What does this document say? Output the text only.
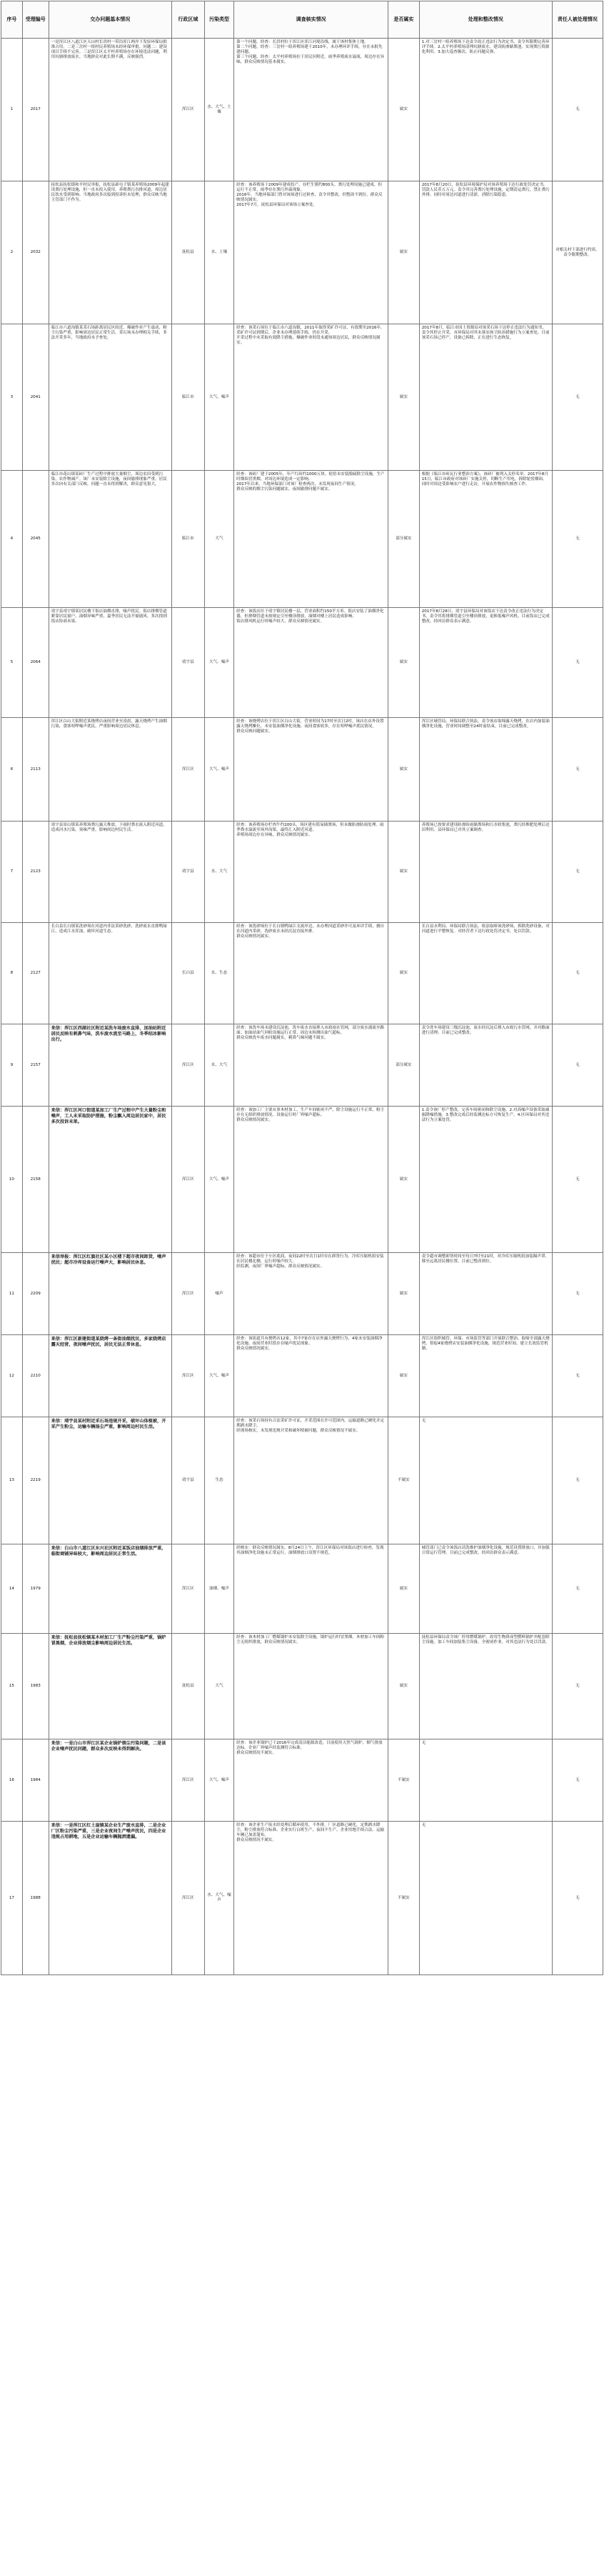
序号	受理编号	交办问题基本情况	行政区域	污染类型	调查核实情况	是否属实	处理和整改情况	责任人被处理情况
1	2017	一是浑江区八道江区天山村长洪村一带沿浑江两岸下发原环保局批准占用。二是三岔村一组村民养殖场未经环保审批。问题二：建设项目手续不完善。三是浑江区太平村养殖场存在环境违法问题，利用坑塘排放废水。当地群众对此长期不满，反映强烈。	浑江区	水、大气、土壤	第一个问题，经查：长洪村位于浑江区浑江河堤沿线，属于该村集体土地。
第二个问题，经查：三岔村一组养殖场建于2010年，未办理环评手续，存在未批先建问题。
第三个问题，经查：太平村养殖场位于居民区附近，雨季养殖废水溢流，周边存在异味，群众反映情况基本属实。	属实	1.对三岔村一组养殖场下达责令改正违法行为决定书，责令其限期完善环评手续。2.太平村养殖场清理坑塘废水，建设防渗储粪池，实现粪污资源化利用。3.加大巡查频次，防止问题反弹。	无
2	2032	抚松县抚松镇和平村民举报，抚松县新屯子镇某养殖场2009年起建设粪污处理设施，但一直未投入使用，养殖粪污直排河道，周边居民饮水受到影响。当地政府多次接到投诉但未处理，群众反映当地主管部门不作为。	抚松县	水、土壤	经查：该养殖场于2009年建成投产，存栏生猪约800头。粪污处理设施已建成，但运行不正常，雨季存在粪污外溢现象。
2016年，当地环保部门曾对该场进行过检查，责令其整改，但整改不到位。群众反映情况属实。
2017年7月，抚松县环保局对该场立案查处。	属实	2017年8月20日，抚松县环境保护局对该养殖场下达行政处罚决定书，罚款人民币五万元。责令其完善粪污处理设施，定期清运粪污，禁止粪污外排。同时对周边河道进行清淤，消除污染隐患。	对相关村干部进行约谈，责令限期整改。
3	2041	临江市六道沟镇某采石场距离居民区较近，爆破作业产生震动，粉尘污染严重，影响周边居民正常生活。采石场未办理相关手续，非法开采多年，当地政府未予查处。	临江市	大气、噪声	经查：该采石场位于临江市六道沟镇，2011年取得采矿许可证，有效期至2016年。采矿许可证到期后，企业未办理延续手续，仍在开采。
开采过程中未采取有效降尘措施，爆破作业时段未通知周边居民，群众反映情况属实。	属实	2017年8月，临江市国土资源局对该采石场下达停止违法行为通知书，责令其停止开采。市环保局对其未落实扬尘防治措施行为立案查处。目前该采石场已停产，设备已拆除，正在进行生态恢复。	无
4	2045	临江市花山镇某砖厂生产过程中排放大量烟尘，周边农田受到污染，农作物减产。该厂未安装除尘设施，夜间偷排现象严重。居民多次向有关部门反映，问题一直未得到解决，群众意见很大。	临江市	大气	经查：该砖厂建于2005年，年产红砖约1000万块。轮窑未安装脱硫除尘设施，生产时烟囱冒黑烟，对周边环境造成一定影响。
2017年以来，当地环保部门对该厂检查两次，未发现夜间生产情况。
群众反映的烟尘污染问题属实，夜间偷排问题不属实。	部分属实	根据《临江市砖瓦行业整治方案》，该砖厂被列入关停名单。2017年8月15日，临江市政府对该砖厂实施关停，切断生产用电，拆除轮窑烟囱。同时对周边受影响农户进行走访，开展农作物损失核查工作。	无
5	2064	靖宇县靖宇镇某居民楼下饭店油烟直排，噪声扰民。饭店排烟管道紧靠居民窗户，油烟异味严重，夏季居民无法开窗通风。多次找到饭店协商未果。	靖宇县	大气、噪声	经查：该饭店位于靖宇镇居民楼一层，营业面积约150平方米。饭店安装了油烟净化器，但排烟管道未按规定引至楼顶排放，油烟对楼上居民造成影响。
饭店排风机运行时噪声较大，群众反映情况属实。	属实	2017年8月28日，靖宇县环保局对该饭店下达责令改正违法行为决定书，责令其将排烟管道引至楼顶排放，更换低噪声风机。目前饭店已完成整改，经回访群众表示满意。	无
6	2113	浑江区白山大街附近某烧烤店夜间营业至凌晨，露天烧烤产生油烟污染，食客喧哗噪声扰民，严重影响周边居民休息。	浑江区	大气、噪声	经查：该烧烤店位于浑江区白山大街，营业时间为17时至次日2时。该店在店外设置露天烧烤摊位，未安装油烟净化设施。夜间食客较多，存在喧哗噪声扰民情况。
群众反映问题属实。	属实	浑江区城管局、环保局联合执法，责令该店取缔露天烧烤，在店内加装油烟净化设施，营业时间调整至24时前结束。目前已完成整改。	无
7	2123	靖宇县景山镇某养殖场粪污露天堆放，下雨时粪水流入附近河道，造成河水污染，臭味严重，影响周边村民生活。	靖宇县	水、大气	经查：该养殖场存栏肉牛约200头，场区建有简易储粪场，但未做防渗防雨处理。雨季粪水溢流至场外沟渠，最终汇入附近河道。
养殖场周边存在异味，群众反映情况属实。	属实	养殖场已按要求建设防渗防雨储粪场和污水收集池，粪污经堆肥处理后还田利用。县环保局已对其立案调查。	无
8	2127	长白县长白镇某洗砂场在河道内非法采砂洗砂，洗砂废水直排鸭绿江，造成江水浑浊，破坏河道生态。	长白县	水、生态	经查：该洗砂场位于长白镇鸭绿江支流岸边，未办理河道采砂许可及环评手续，擅自在河道内采砂，洗砂废水未经沉淀直接外排。
群众反映情况属实。	属实	长白县水利局、环保局联合执法，依法取缔该洗砂场，拆除洗砂设备，对河道进行平整恢复。对经营者下达行政处罚决定书，处以罚款。	无
9	2157	来信：浑江区西湖社区附近某洗车场废水直排，加油站附近居民反映有刺鼻气味，洗车废水流至马路上，冬季结冰影响出行。	浑江区	水、大气	经查：该洗车场未建设沉淀池，洗车废水直接排入市政雨水管网，部分废水漫流至路面。加油站油气回收设施运行正常，周边未检测出油气超标。
群众反映洗车废水问题属实，刺鼻气味问题不属实。	部分属实	责令洗车场建设三级沉淀池，废水经沉淀后排入市政污水管网，并对路面进行清理。目前已完成整改。	无
10	2158	来信：浑江区河口街道某加工厂生产过程中产生大量粉尘和噪声，工人未采取防护措施，粉尘飘入周边居民家中，居民多次投诉未果。	浑江区	大气、噪声	经查：该加工厂主要从事木材加工，生产车间密闭不严，除尘设施运行不正常，粉尘存在无组织排放情况。设备运行时厂界噪声超标。
群众反映情况属实。	属实	1.责令该厂停产整改，完善车间密闭和除尘设施。2.对高噪声设备采取减振降噪措施。3.整改完成后经监测达标方可恢复生产。4.区环保局对其违法行为立案处罚。	无
11	2209	来信举报：浑江区红旗社区某小区楼下超市夜间卸货，噪声扰民；超市冷库设备运行噪声大，影响居民休息。	浑江区	噪声	经查：该超市位于小区底商，夜间22时至次日1时存在卸货行为。冷库压缩机组安装在居民楼北侧，运行时噪声较大。
经监测，夜间厂界噪声超标，群众反映情况属实。	属实	责令超市调整卸货时间至每日7时至21时，对冷库压缩机组加装隔声罩，移至远离居民楼位置。目前已整改到位。	无
12	2210	来信：浑江区新建街道某烧烤一条街油烟扰民，多家烧烤店露天经营，夜间噪声扰民，居民无法正常休息。	浑江区	大气、噪声	经查：该街道共有烧烤店12家，其中7家存在店外露天烧烤行为，4家未安装油烟净化设施。夜间营业时段存在噪声扰民现象。
群众反映情况属实。	属实	浑江区组织城管、环保、市场监管等部门开展联合整治，取缔全部露天烧烤，督促4家烧烤店安装油烟净化设施，规范营业时间。建立长效监管机制。	无
13	2219	来信：靖宇县某村附近采石场违规开采，破坏山体植被，开采产生粉尘，运输车辆扬尘严重，影响周边村民生活。	靖宇县	生态	经查：该采石场持有合法采矿许可证，开采范围在许可范围内。运输道路已硬化并定期洒水降尘。
经现场核实，未发现违规开采和破坏植被问题，群众反映情况不属实。	不属实	无	无
14	1979	来信：白山市八道江区东兴社区附近某饭店油烟排放严重，临街商铺异味较大，影响周边居民正常生活。	浑江区	油烟、噪声	经核实：群众反映情况属实。8月24日上午，浑江区环保局对该饭店进行检查，发现其油烟净化设施未正常运行，油烟排放口设置不规范。	属实	城管部门已责令该饭店清洗维护油烟净化设施，规范设置排放口，并加强日常运行管理。目前已完成整改，经回访群众表示满意。	无
15	1983	来信：抚松县抚松镇某木材加工厂生产粉尘污染严重，锅炉冒黑烟，企业排放烟尘影响周边居民生活。	抚松县	大气	经查：该木材加工厂燃煤锅炉未安装除尘设施，锅炉运行时冒黑烟。木材加工车间粉尘无组织排放，群众反映情况属实。	属实	抚松县环保局责令该厂停用燃煤锅炉，改用生物质成型燃料锅炉并配套除尘设施。加工车间加装集尘设备，全密闭作业。对其违法行为处以罚款。	无
16	1984	来信：一是白山市浑江区某企业锅炉烟尘污染问题，二是该企业噪声扰民问题，群众多次反映未得到解决。	浑江区	大气、噪声	经查：该企业锅炉已于2016年完成清洁能源改造，目前使用天然气锅炉，烟气排放达标。企业厂界噪声经监测符合标准。
群众反映情况不属实。	不属实	无	无
17	1988	来信：一是浑江区红土崖镇某企业生产废水直排，二是企业厂区粉尘污染严重，三是企业夜间生产噪声扰民，四是企业违规占用耕地，五是企业运输车辆抛洒遗漏。	浑江区	水、大气、噪声	经查：该企业生产废水经处理后循环使用，不外排。厂区道路已硬化，定期洒水降尘，粉尘排放符合标准。企业实行白班生产，夜间不生产。企业用地手续合法。运输车辆已加盖篷布。
群众反映情况不属实。	不属实	无	无
